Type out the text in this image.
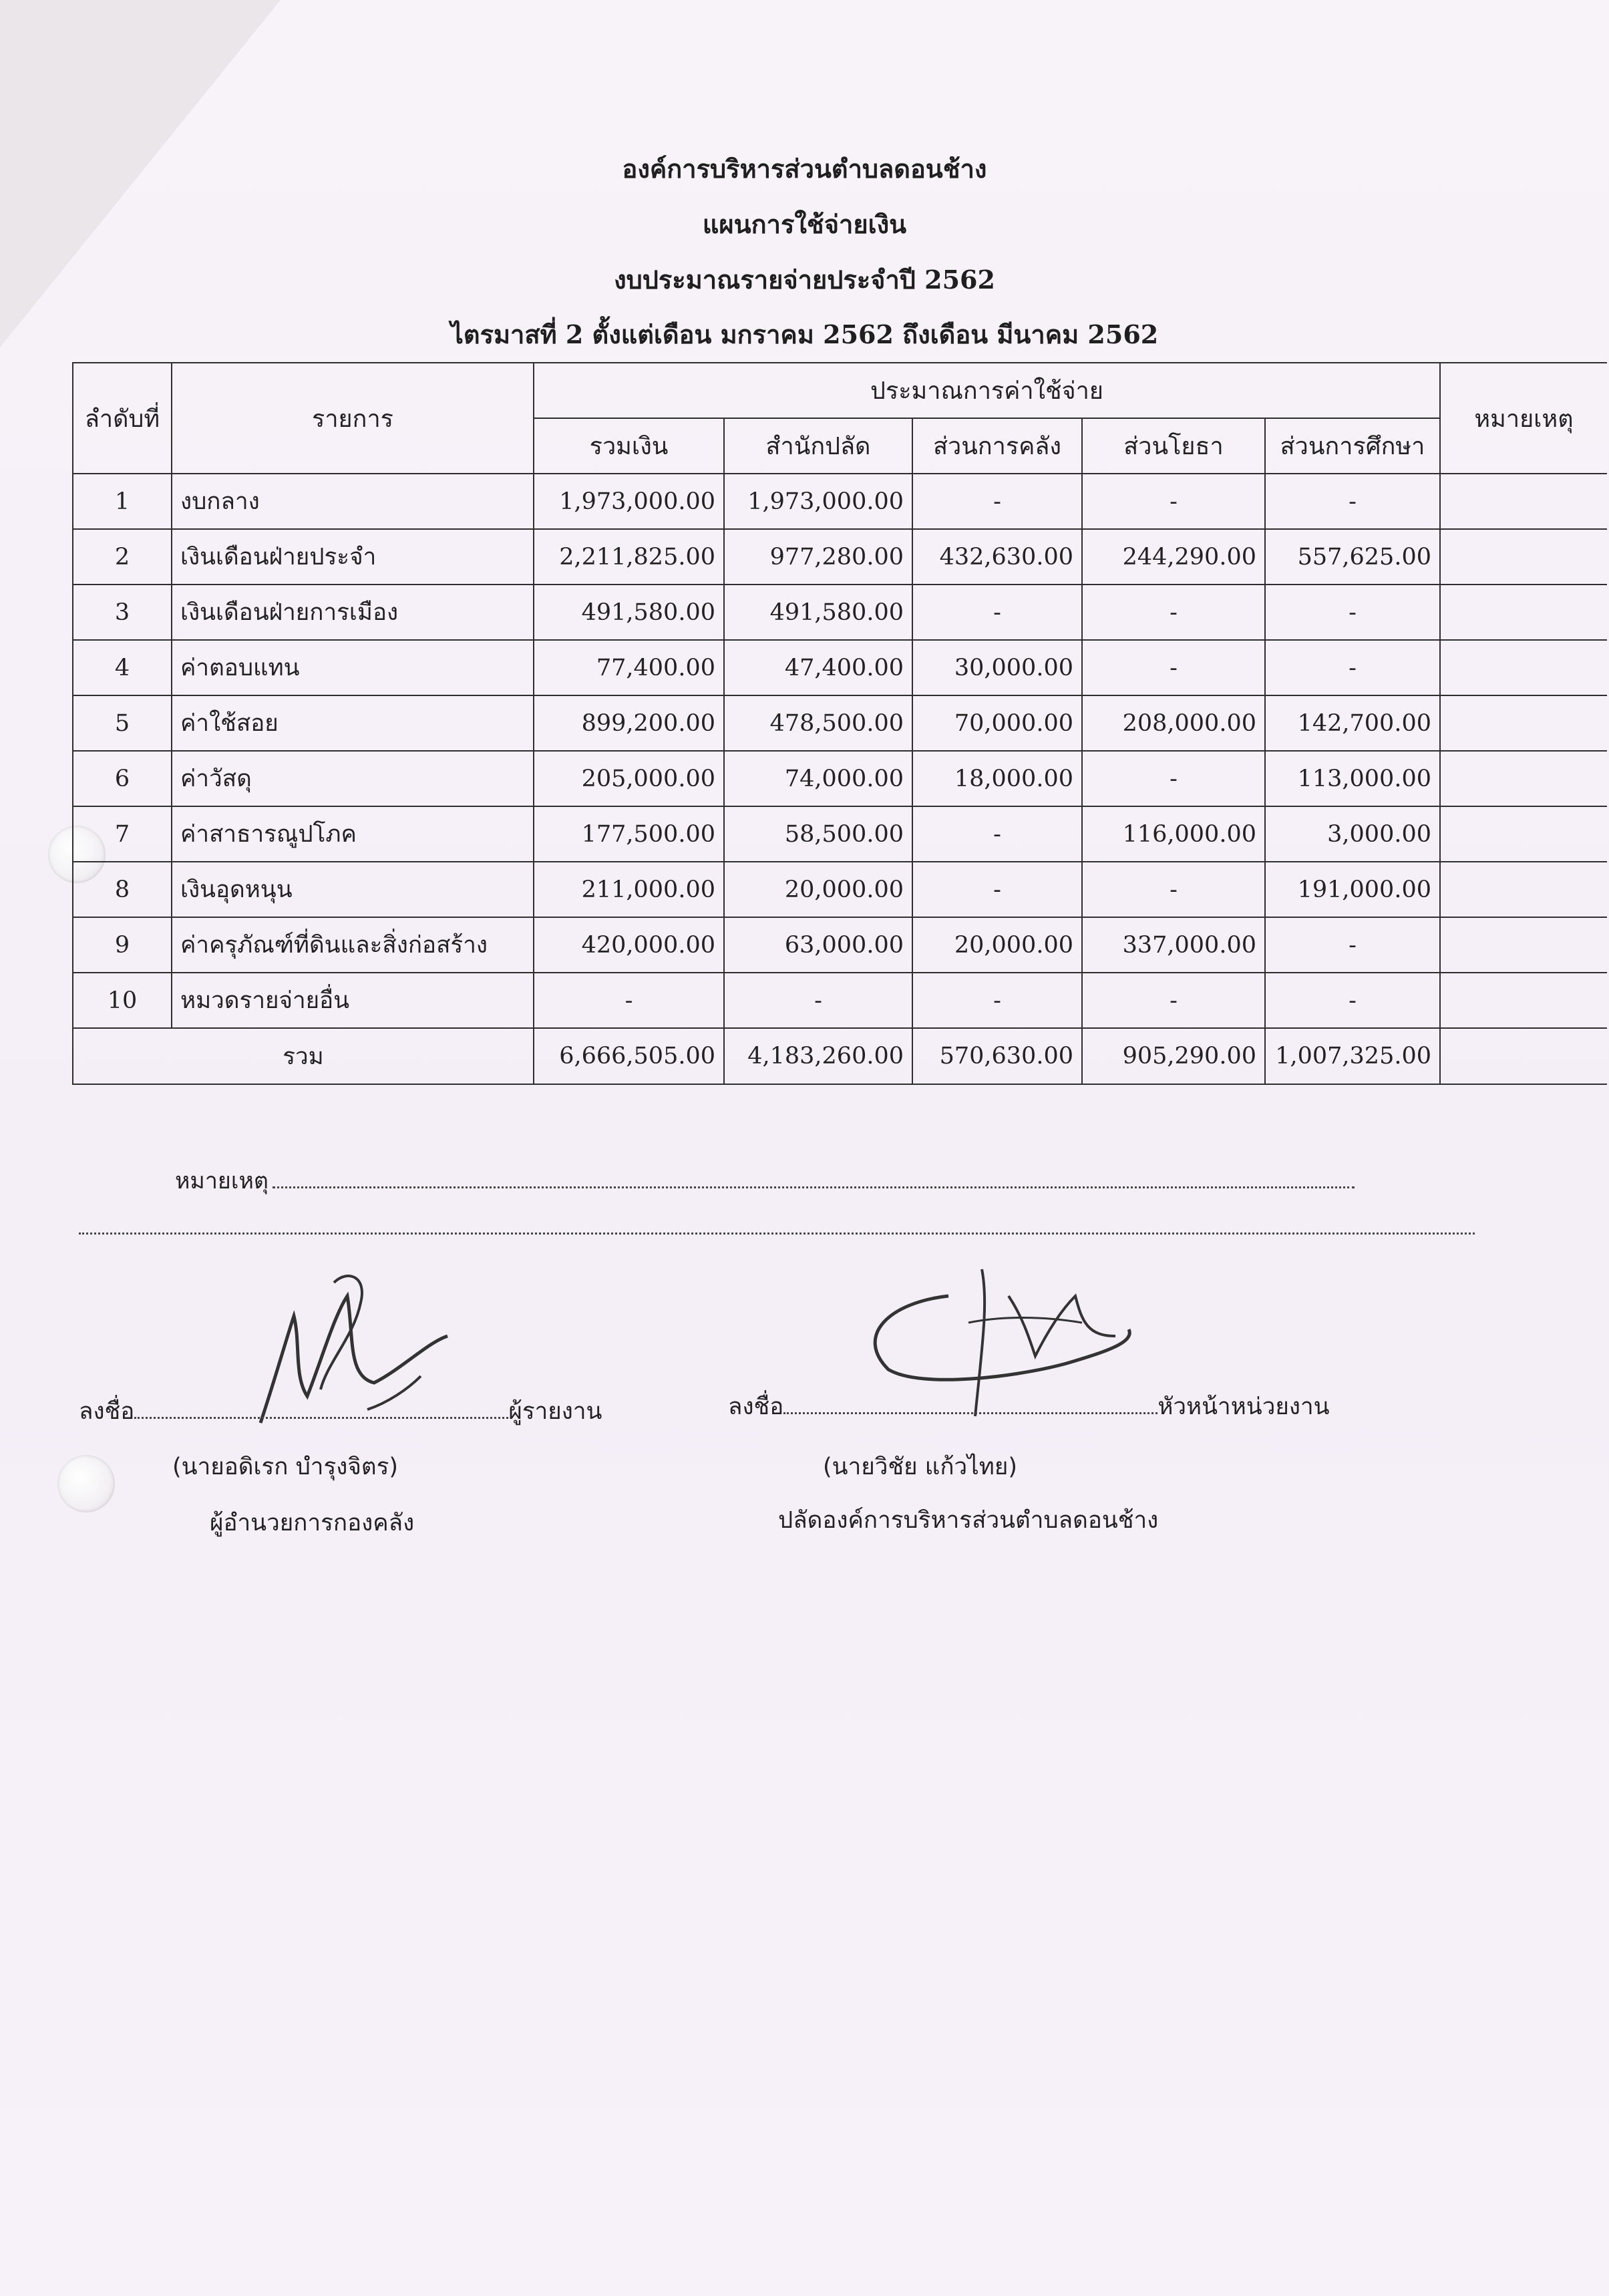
องค์การบริหารส่วนตำบลดอนช้าง
แผนการใช้จ่ายเงิน
งบประมาณรายจ่ายประจำปี 2562
ไตรมาสที่ 2 ตั้งแต่เดือน มกราคม 2562 ถึงเดือน มีนาคม 2562
ลำดับที่	รายการ	ประมาณการค่าใช้จ่าย					หมายเหตุ
		รวมเงิน	สำนักปลัด	ส่วนการคลัง	ส่วนโยธา	ส่วนการศึกษา	
1	งบกลาง	1,973,000.00	1,973,000.00	-	-	-	
2	เงินเดือนฝ่ายประจำ	2,211,825.00	977,280.00	432,630.00	244,290.00	557,625.00	
3	เงินเดือนฝ่ายการเมือง	491,580.00	491,580.00	-	-	-	
4	ค่าตอบแทน	77,400.00	47,400.00	30,000.00	-	-	
5	ค่าใช้สอย	899,200.00	478,500.00	70,000.00	208,000.00	142,700.00	
6	ค่าวัสดุ	205,000.00	74,000.00	18,000.00	-	113,000.00	
7	ค่าสาธารณูปโภค	177,500.00	58,500.00	-	116,000.00	3,000.00	
8	เงินอุดหนุน	211,000.00	20,000.00	-	-	191,000.00	
9	ค่าครุภัณฑ์ที่ดินและสิ่งก่อสร้าง	420,000.00	63,000.00	20,000.00	337,000.00	-	
10	หมวดรายจ่ายอื่น	-	-	-	-	-	
รวม		6,666,505.00	4,183,260.00	570,630.00	905,290.00	1,007,325.00	
หมายเหตุ
ลงชื่อ	ผู้รายงาน
(นายอดิเรก บำรุงจิตร)
ผู้อำนวยการกองคลัง
ลงชื่อ	หัวหน้าหน่วยงาน
(นายวิชัย แก้วไทย)
ปลัดองค์การบริหารส่วนตำบลดอนช้าง
